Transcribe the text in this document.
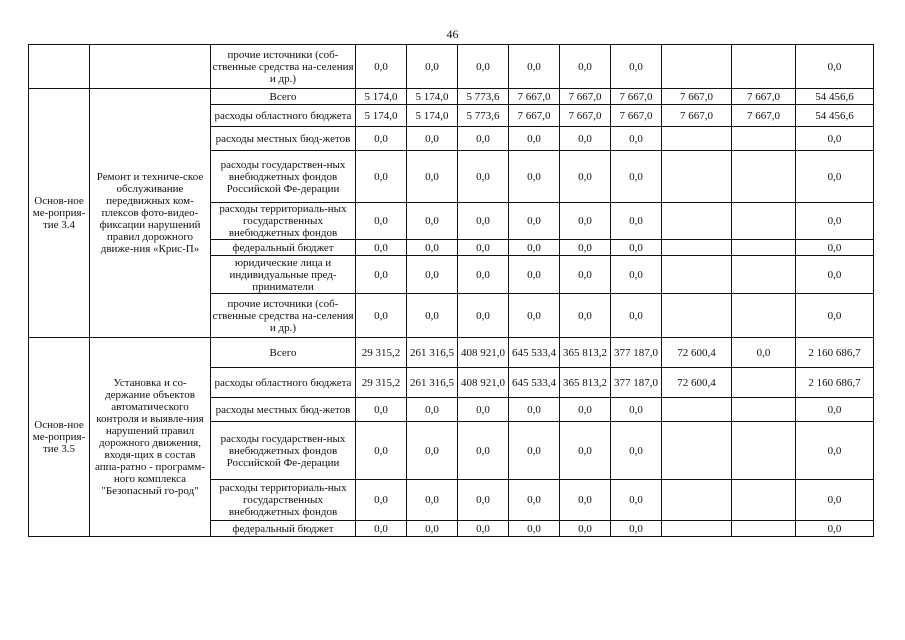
46
		прочие источники (соб-ственные средства на-селения и др.)	0,0	0,0	0,0	0,0	0,0	0,0			0,0
Основ-ное ме-роприя-тие 3.4	Ремонт и техниче-ское обслуживание передвижных ком-плексов фото-видео-фиксации нарушений правил дорожного движе-ния «Крис-П»	Всего	5 174,0	5 174,0	5 773,6	7 667,0	7 667,0	7 667,0	7 667,0	7 667,0	54 456,6
		расходы областного бюджета	5 174,0	5 174,0	5 773,6	7 667,0	7 667,0	7 667,0	7 667,0	7 667,0	54 456,6
		расходы местных бюд-жетов	0,0	0,0	0,0	0,0	0,0	0,0			0,0
		расходы государствен-ных внебюджетных фондов Российской Фе-дерации	0,0	0,0	0,0	0,0	0,0	0,0			0,0
		расходы территориаль-ных государственных внебюджетных фондов	0,0	0,0	0,0	0,0	0,0	0,0			0,0
		федеральный бюджет	0,0	0,0	0,0	0,0	0,0	0,0			0,0
		юридические лица и индивидуальные пред-приниматели	0,0	0,0	0,0	0,0	0,0	0,0			0,0
		прочие источники (соб-ственные средства на-селения и др.)	0,0	0,0	0,0	0,0	0,0	0,0			0,0
Основ-ное ме-роприя-тие 3.5	Установка и со-держание объектов автоматического контроля и выявле-ния нарушений правил дорожного движения, входя-щих в состав аппа-ратно - программ-ного комплекса "Безопасный го-род"	Всего	29 315,2	261 316,5	408 921,0	645 533,4	365 813,2	377 187,0	72 600,4	0,0	2 160 686,7
		расходы областного бюджета	29 315,2	261 316,5	408 921,0	645 533,4	365 813,2	377 187,0	72 600,4		2 160 686,7
		расходы местных бюд-жетов	0,0	0,0	0,0	0,0	0,0	0,0			0,0
		расходы государствен-ных внебюджетных фондов Российской Фе-дерации	0,0	0,0	0,0	0,0	0,0	0,0			0,0
		расходы территориаль-ных государственных внебюджетных фондов	0,0	0,0	0,0	0,0	0,0	0,0			0,0
		федеральный бюджет	0,0	0,0	0,0	0,0	0,0	0,0			0,0
